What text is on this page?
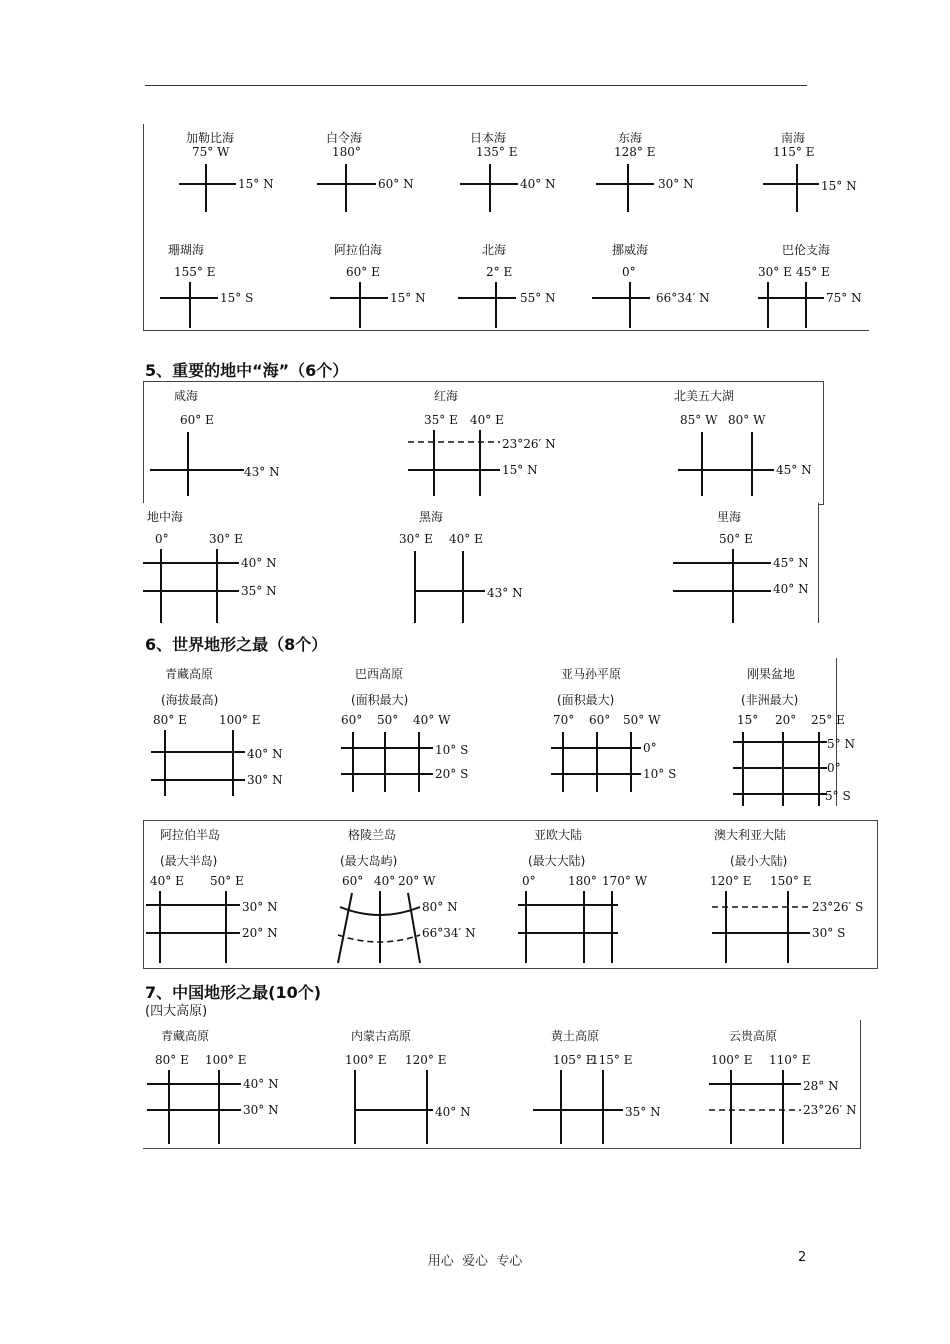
加勒比海
75° W
15° N
白令海
180°
60° N
日本海
135° E
40° N
东海
128° E
30° N
南海
115° E
15° N
珊瑚海
155° E
15° S
阿拉伯海
60° E
15° N
北海
2° E
55° N
挪威海
0°
66°34′ N
巴伦支海
30° E 45° E
75° N
5、重要的地中“海”（6个）
咸海
60° E
43° N
红海
35° E 40° E
23°26′ N
15° N
北美五大湖
85° W 80° W
45° N
地中海
0°	30° E
40° N
35° N
黑海
30° E 40° E
43° N
里海
50° E
45° N
40° N
6、世界地形之最（8个）
青藏高原
(海拔最高)
80° E	100° E
40° N
30° N
巴西高原
(面积最大)
60° 50° 40° W
10° S
20° S
亚马孙平原
(面积最大)
70° 60° 50° W
0°
10° S
刚果盆地
(非洲最大)
15° 20° 25° E
5° N
0°
5° S
阿拉伯半岛
(最大半岛)
40° E 50° E
30° N
20° N
格陵兰岛
(最大岛屿)
60° 40° 20° W
80° N
66°34′ N
亚欧大陆
(最大大陆)
0°	180° 170° W
澳大利亚大陆
(最小大陆)
120° E 150° E
23°26′ S
30° S
7、中国地形之最(10个)
(四大高原)
青藏高原
80° E 100° E
40° N
30° N
内蒙古高原
100° E 120° E
40° N
黄土高原
105° E
115° E
35° N
云贵高原
100° E 110° E
28° N
23°26′ N
用心  爱心  专心	2
